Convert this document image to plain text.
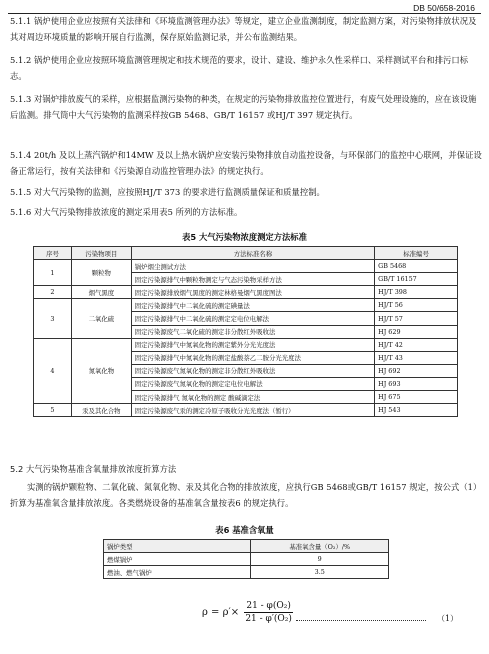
DB 50/658-2016
5.1.1 锅炉使用企业应按照有关法律和《环境监测管理办法》等规定，建立企业监测制度，制定监测方案，对污染物排放状况及其对周边环境质量的影响开展自行监测，保存原始监测记录，并公布监测结果。
5.1.2 锅炉使用企业应按照环境监测管理规定和技术规范的要求，设计、建设、维护永久性采样口、采样测试平台和排污口标志。
5.1.3 对锅炉排放废气的采样，应根据监测污染物的种类，在规定的污染物排放监控位置进行，有废气处理设施的，应在该设施后监测。排气筒中大气污染物的监测采样按GB 5468、GB/T 16157 或HJ/T 397 规定执行。
5.1.4 20t/h 及以上蒸汽锅炉和14MW 及以上热水锅炉应安装污染物排放自动监控设备，与环保部门的监控中心联网，并保证设备正常运行，按有关法律和《污染源自动监控管理办法》的规定执行。
5.1.5 对大气污染物的监测，应按照HJ/T 373 的要求进行监测质量保证和质量控制。
5.1.6 对大气污染物排放浓度的测定采用表5 所列的方法标准。
表5 大气污染物浓度测定方法标准
序号	污染物项目	方法标准名称	标准编号
1	颗粒物	锅炉烟尘测试方法	GB 5468
		固定污染源排气中颗粒物测定与气态污染物采样方法	GB/T 16157
2	烟气黑度	固定污染源排放烟气黑度的测定林格曼烟气黑度图法	HJ/T 398
3	二氧化硫	固定污染源排气中二氧化硫的测定碘量法	HJ/T 56
		固定污染源排气中二氧化硫的测定定电位电解法	HJ/T 57
		固定污染源废气二氧化硫的测定非分散红外吸收法	HJ 629
4	氮氧化物	固定污染源排气中氮氧化物的测定紫外分光光度法	HJ/T 42
		固定污染源排气中氮氧化物的测定盐酸萘乙二胺分光光度法	HJ/T 43
		固定污染源废气氮氧化物的测定非分散红外吸收法	HJ 692
		固定污染源废气氮氧化物的测定定电位电解法	HJ 693
		固定污染源排气 氮氧化物的测定 酸碱滴定法	HJ 675
5	汞及其化合物	固定污染源废气汞的测定冷原子吸收分光光度法（暂行）	HJ 543
5.2 大气污染物基准含氧量排放浓度折算方法
实测的锅炉颗粒物、二氧化硫、氮氧化物、汞及其化合物的排放浓度，应执行GB 5468或GB/T 16157 规定，按公式（1）折算为基准氧含量排放浓度。各类燃烧设备的基准氧含量按表6 的规定执行。
表6 基准含氧量
锅炉类型	基准氧含量（O₂）/%
燃煤锅炉	9
燃油、燃气锅炉	3.5
$\rho = \rho'\times \frac{\text{21 - φ(O₂)}}{\text{21 - φ′(O₂)}}$	（1）
